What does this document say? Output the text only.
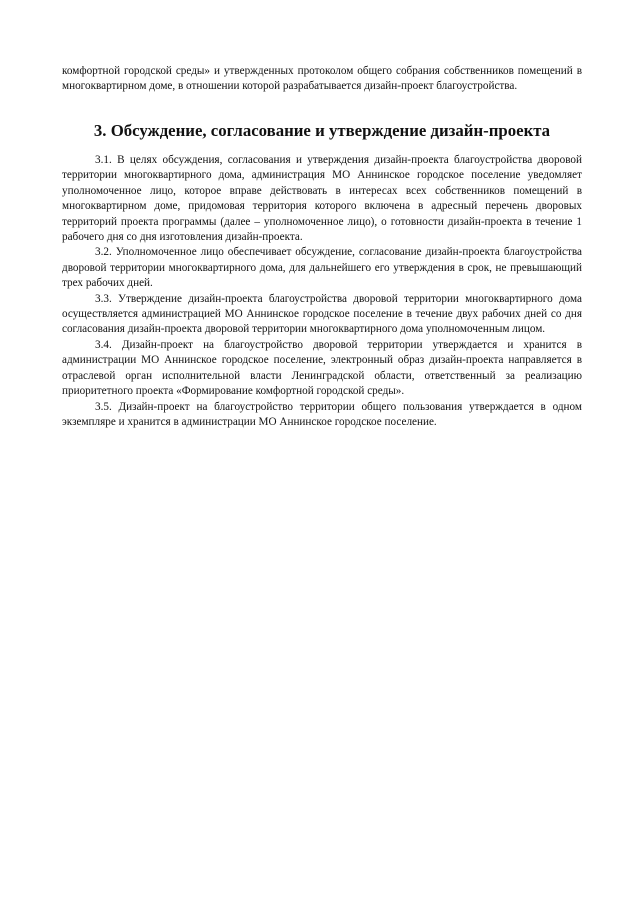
комфортной городской среды» и утвержденных протоколом общего собрания собственников помещений в многоквартирном доме, в отношении которой разрабатывается дизайн-проект благоустройства.

3. Обсуждение, согласование и утверждение дизайн-проекта

3.1. В целях обсуждения, согласования и утверждения дизайн-проекта благоустройства дворовой территории многоквартирного дома, администрация МО Аннинское городское поселение уведомляет уполномоченное лицо, которое вправе действовать в интересах всех собственников помещений в многоквартирном доме, придомовая территория которого включена в адресный перечень дворовых территорий проекта программы (далее – уполномоченное лицо), о готовности дизайн-проекта в течение 1 рабочего дня со дня изготовления дизайн-проекта.

3.2. Уполномоченное лицо обеспечивает обсуждение, согласование дизайн-проекта благоустройства дворовой территории многоквартирного дома, для дальнейшего его утверждения в срок, не превышающий трех рабочих дней.

3.3. Утверждение дизайн-проекта благоустройства дворовой территории многоквартирного дома осуществляется администрацией МО Аннинское городское поселение в течение двух рабочих дней со дня согласования дизайн-проекта дворовой территории многоквартирного дома уполномоченным лицом.

3.4. Дизайн-проект на благоустройство дворовой территории утверждается и хранится в администрации МО Аннинское городское поселение, электронный образ дизайн-проекта направляется в отраслевой орган исполнительной власти Ленинградской области, ответственный за реализацию приоритетного проекта «Формирование комфортной городской среды».

3.5. Дизайн-проект на благоустройство территории общего пользования утверждается в одном экземпляре и хранится в администрации МО Аннинское городское поселение.
